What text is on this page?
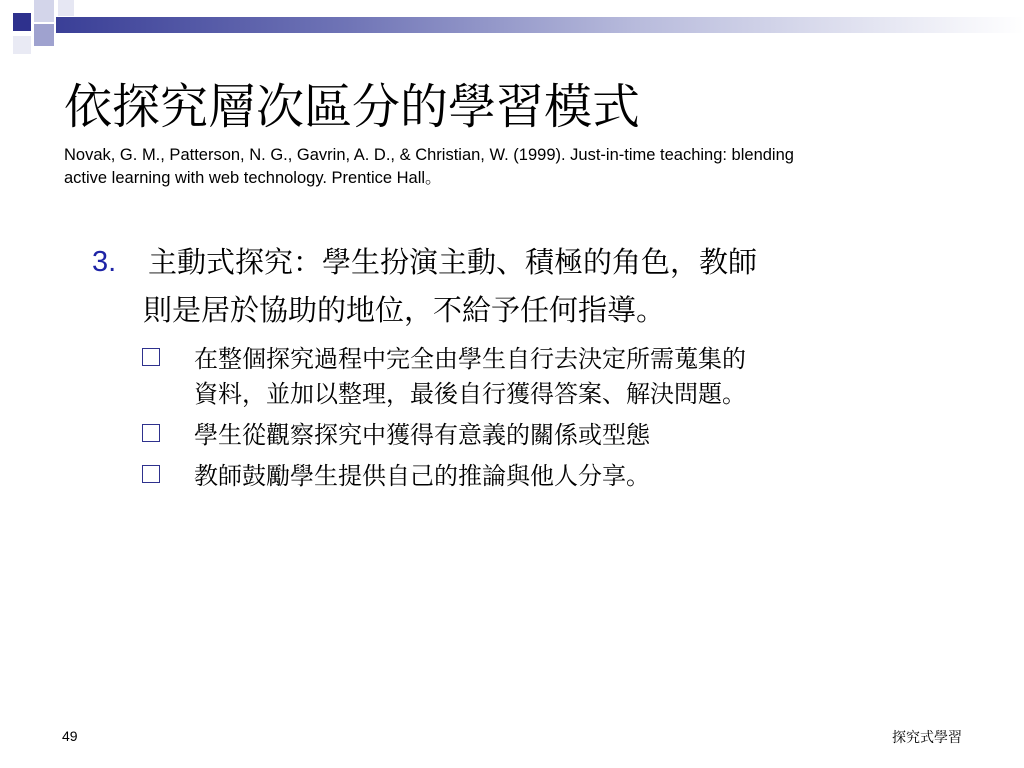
依探究層次區分的學習模式

Novak, G. M., Patterson, N. G., Gavrin, A. D., & Christian, W. (1999). Just-in-time teaching: blending
active learning with web technology. Prentice Hall。

3. 主動式探究：學生扮演主動、積極的角色，教師
則是居於協助的地位，不給予任何指導。
在整個探究過程中完全由學生自行去決定所需蒐集的
資料，並加以整理，最後自行獲得答案、解決問題。
學生從觀察探究中獲得有意義的關係或型態
教師鼓勵學生提供自己的推論與他人分享。
49	探究式學習
